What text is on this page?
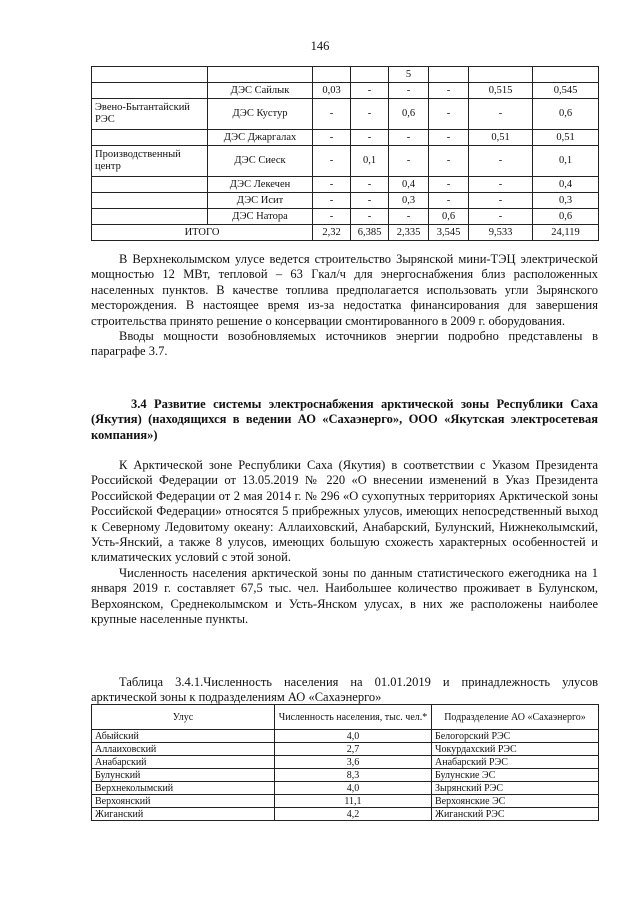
146
				5			
	ДЭС Сайлык	0,03	-	-	-	0,515	0,545
Эвено-Бытантайский РЭС	ДЭС Кустур	-	-	0,6	-	-	0,6
	ДЭС Джаргалах	-	-	-	-	0,51	0,51
Производственный центр	ДЭС Сиеск	-	0,1	-	-	-	0,1
	ДЭС Лекечен	-	-	0,4	-	-	0,4
	ДЭС Исит	-	-	0,3	-	-	0,3
	ДЭС Натора	-	-	-	0,6	-	0,6
ИТОГО		2,32	6,385	2,335	3,545	9,533	24,119

В Верхнеколымском улусе ведется строительство Зырянской мини-ТЭЦ электрической мощностью 12 МВт, тепловой – 63 Гкал/ч для энергоснабжения близ расположенных населенных пунктов. В качестве топлива предполагается использовать угли Зырянского месторождения. В настоящее время из-за недостатка финансирования для завершения строительства принято решение о консервации смонтированного в 2009 г. оборудования.

Вводы мощности возобновляемых источников энергии подробно представлены в параграфе 3.7.

3.4 Развитие системы электроснабжения арктической зоны Республики Саха (Якутия) (находящихся в ведении АО «Сахаэнерго», ООО «Якутская электросетевая компания»)

К Арктической зоне Республики Саха (Якутия) в соответствии с Указом Президента Российской Федерации от 13.05.2019 № 220 «О внесении изменений в Указ Президента Российской Федерации от 2 мая 2014 г. № 296 «О сухопутных территориях Арктической зоны Российской Федерации» относятся 5 прибрежных улусов, имеющих непосредственный выход к Северному Ледовитому океану: Аллаиховский, Анабарский, Булунский, Нижнеколымский, Усть-Янский, а также 8 улусов, имеющих большую схожесть характерных особенностей и климатических условий с этой зоной.

Численность населения арктической зоны по данным статистического ежегодника на 1 января 2019 г. составляет 67,5 тыс. чел. Наибольшее количество проживает в Булунском, Верхоянском, Среднеколымском и Усть-Янском улусах, в них же расположены наиболее крупные населенные пункты.

Таблица 3.4.1.Численность населения на 01.01.2019 и принадлежность улусов арктической зоны к подразделениям АО «Сахаэнерго»
Улус	Численность населения, тыс. чел.*	Подразделение АО «Сахаэнерго»
Абыйский	4,0	Белогорский РЭС
Аллаиховский	2,7	Чокурдахский РЭС
Анабарский	3,6	Анабарский РЭС
Булунский	8,3	Булунские ЭС
Верхнеколымский	4,0	Зырянский РЭС
Верхоянский	11,1	Верхоянские ЭС
Жиганский	4,2	Жиганский РЭС
